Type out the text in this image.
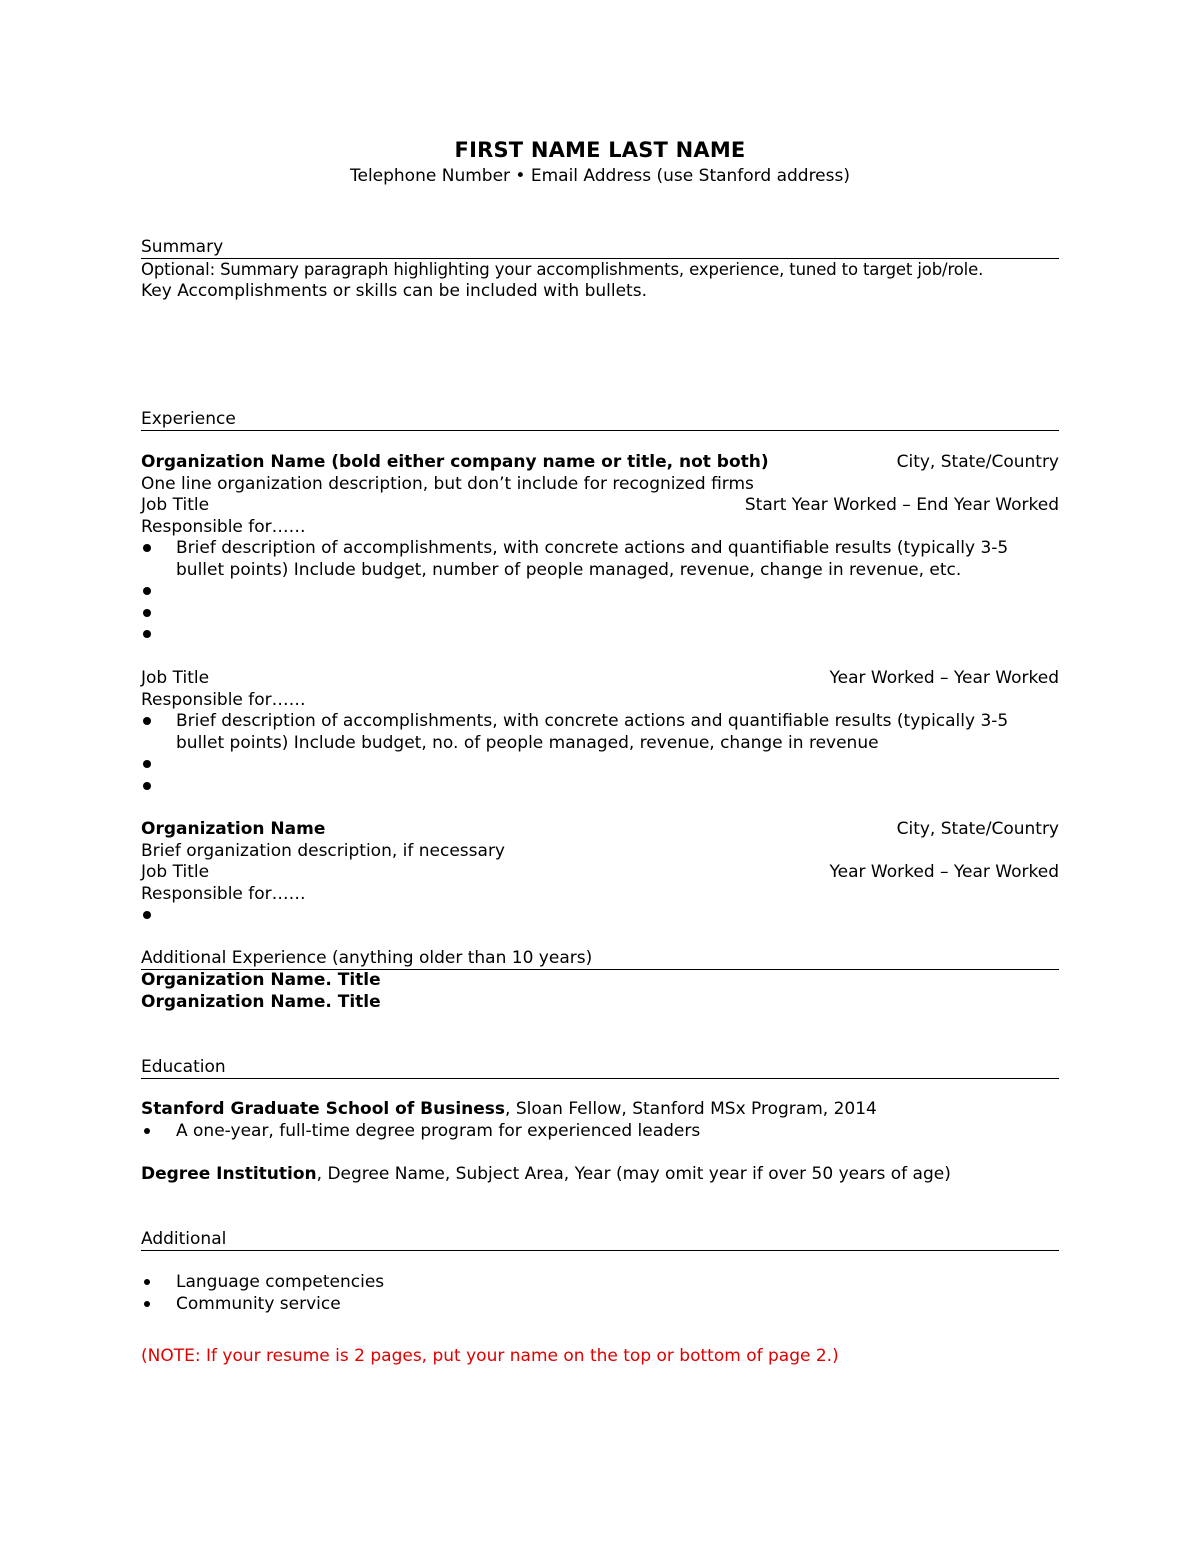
FIRST NAME LAST NAME
Telephone Number • Email Address (use Stanford address)
Summary
Optional: Summary paragraph highlighting your accomplishments, experience, tuned to target job/role.
Key Accomplishments or skills can be included with bullets.
Experience
Organization Name (bold either company name or title, not both)	City, State/Country
One line organization description, but don’t include for recognized firms
Job Title	Start Year Worked – End Year Worked
Responsible for……
Brief description of accomplishments, with concrete actions and quantifiable results (typically 3-5
bullet points) Include budget, number of people managed, revenue, change in revenue, etc.
Job Title	Year Worked – Year Worked
Responsible for……
Brief description of accomplishments, with concrete actions and quantifiable results (typically 3-5
bullet points) Include budget, no. of people managed, revenue, change in revenue
Organization Name	City, State/Country
Brief organization description, if necessary
Job Title	Year Worked – Year Worked
Responsible for……
Additional Experience (anything older than 10 years)
Organization Name. Title
Organization Name. Title
Education
Stanford Graduate School of Business, Sloan Fellow, Stanford MSx Program, 2014
A one-year, full-time degree program for experienced leaders
Degree Institution, Degree Name, Subject Area, Year (may omit year if over 50 years of age)
Additional
Language competencies
Community service
(NOTE: If your resume is 2 pages, put your name on the top or bottom of page 2.)
